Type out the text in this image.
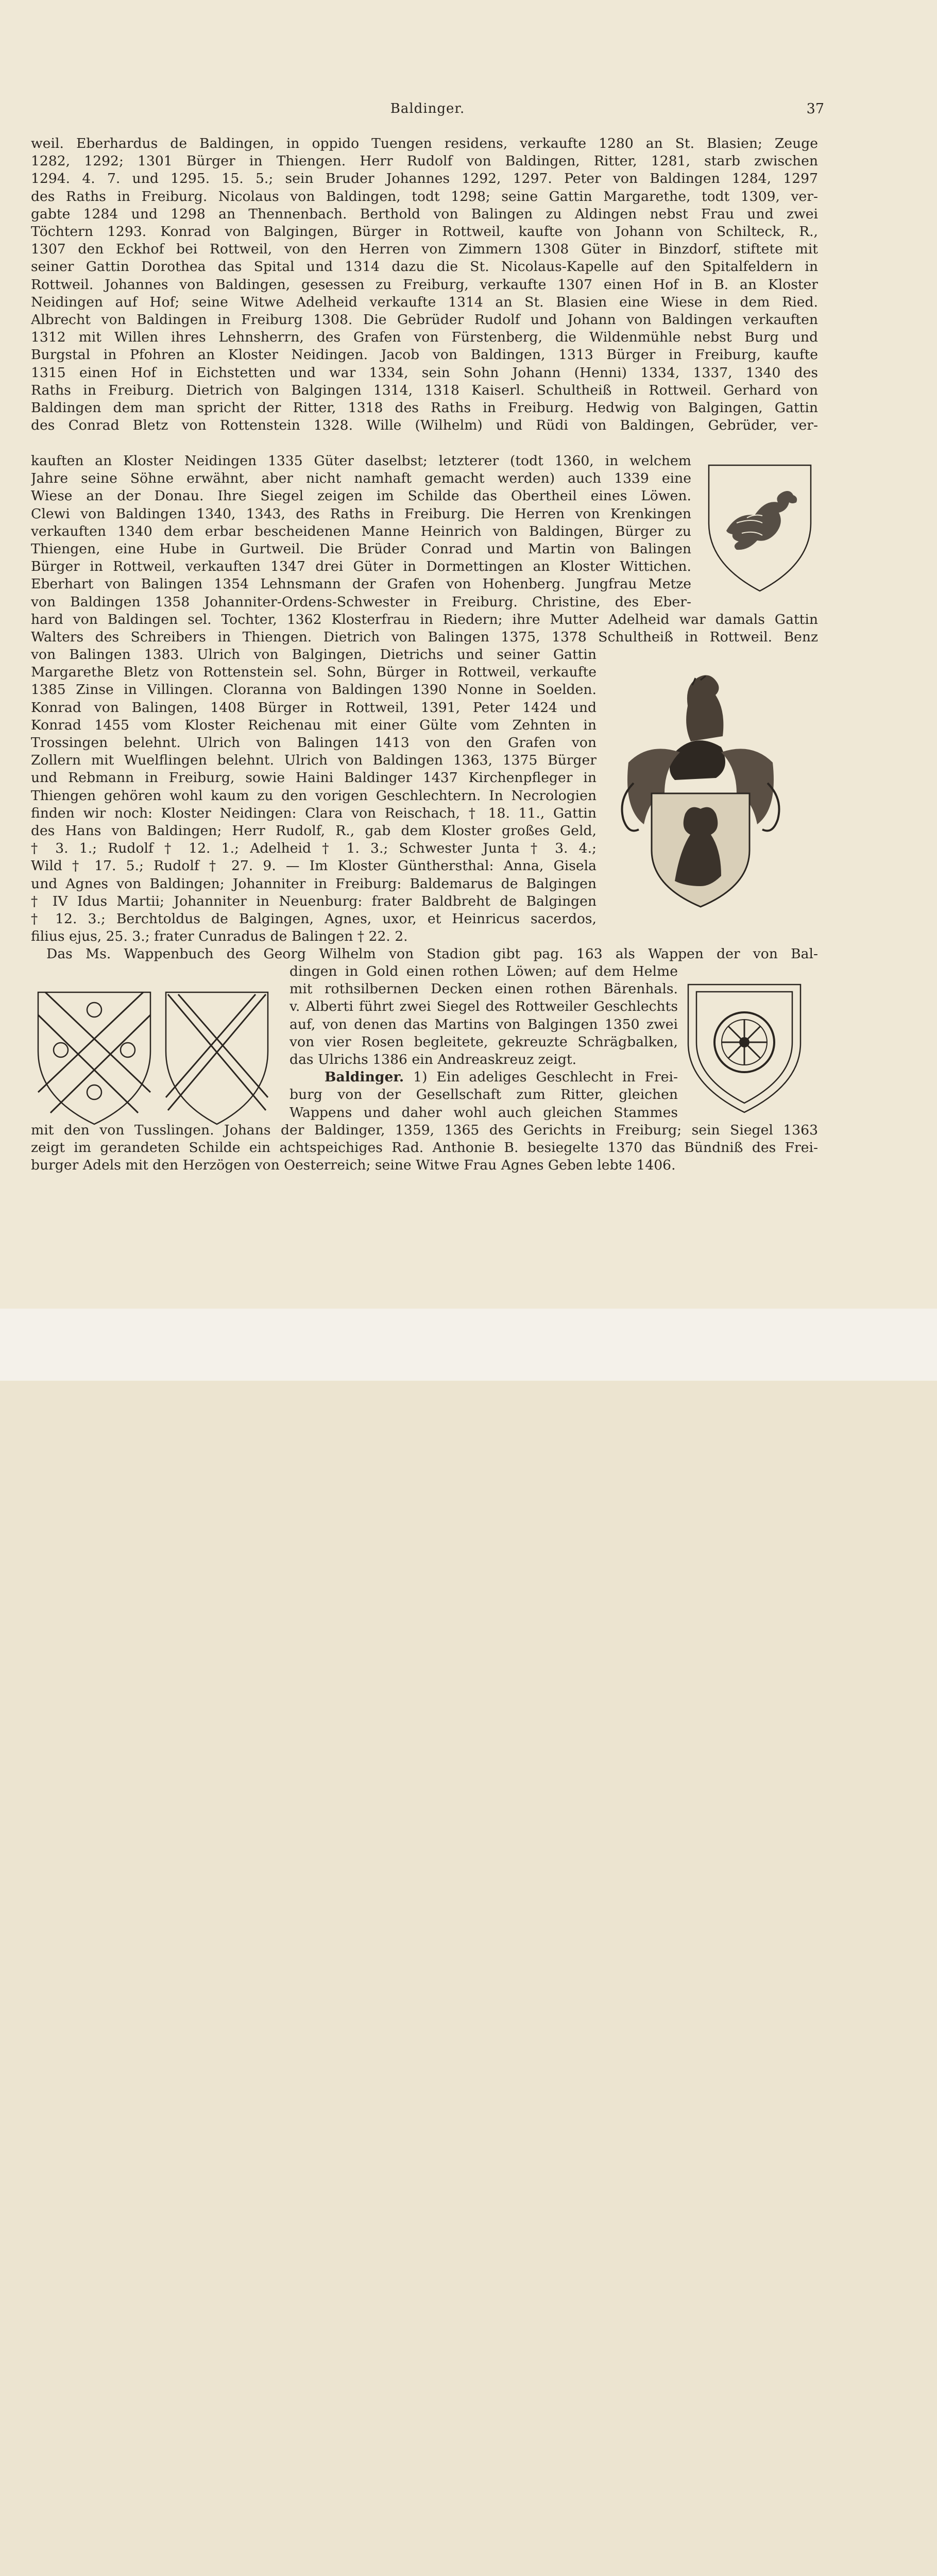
Baldinger.	37
weil. Eberhardus de Baldingen, in oppido Tuengen residens, verkaufte 1280 an St. Blasien; Zeuge
1282, 1292; 1301 Bürger in Thiengen. Herr Rudolf von Baldingen, Ritter, 1281, starb zwischen
1294. 4. 7. und 1295. 15. 5.; sein Bruder Johannes 1292, 1297. Peter von Baldingen 1284, 1297
des Raths in Freiburg. Nicolaus von Baldingen, todt 1298; seine Gattin Margarethe, todt 1309, ver-
gabte 1284 und 1298 an Thennenbach. Berthold von Balingen zu Aldingen nebst Frau und zwei
Töchtern 1293. Konrad von Balgingen, Bürger in Rottweil, kaufte von Johann von Schilteck, R.,
1307 den Eckhof bei Rottweil, von den Herren von Zimmern 1308 Güter in Binzdorf, stiftete mit
seiner Gattin Dorothea das Spital und 1314 dazu die St. Nicolaus-Kapelle auf den Spitalfeldern in
Rottweil. Johannes von Baldingen, gesessen zu Freiburg, verkaufte 1307 einen Hof in B. an Kloster
Neidingen auf Hof; seine Witwe Adelheid verkaufte 1314 an St. Blasien eine Wiese in dem Ried.
Albrecht von Baldingen in Freiburg 1308. Die Gebrüder Rudolf und Johann von Baldingen verkauften
1312 mit Willen ihres Lehnsherrn, des Grafen von Fürstenberg, die Wildenmühle nebst Burg und
Burgstal in Pfohren an Kloster Neidingen. Jacob von Baldingen, 1313 Bürger in Freiburg, kaufte
1315 einen Hof in Eichstetten und war 1334, sein Sohn Johann (Henni) 1334, 1337, 1340 des
Raths in Freiburg. Dietrich von Balgingen 1314, 1318 Kaiserl. Schultheiß in Rottweil. Gerhard von
Baldingen dem man spricht der Ritter, 1318 des Raths in Freiburg. Hedwig von Balgingen, Gattin
des Conrad Bletz von Rottenstein 1328. Wille (Wilhelm) und Rüdi von Baldingen, Gebrüder, ver-
kauften an Kloster Neidingen 1335 Güter daselbst; letzterer (todt 1360, in welchem
Jahre seine Söhne erwähnt, aber nicht namhaft gemacht werden) auch 1339 eine
Wiese an der Donau. Ihre Siegel zeigen im Schilde das Obertheil eines Löwen.
Clewi von Baldingen 1340, 1343, des Raths in Freiburg. Die Herren von Krenkingen
verkauften 1340 dem erbar bescheidenen Manne Heinrich von Baldingen, Bürger zu
Thiengen, eine Hube in Gurtweil. Die Brüder Conrad und Martin von Balingen
Bürger in Rottweil, verkauften 1347 drei Güter in Dormettingen an Kloster Wittichen.
Eberhart von Balingen 1354 Lehnsmann der Grafen von Hohenberg. Jungfrau Metze
von Baldingen 1358 Johanniter-Ordens-Schwester in Freiburg. Christine, des Eber-
hard von Baldingen sel. Tochter, 1362 Klosterfrau in Riedern; ihre Mutter Adelheid war damals Gattin
Walters des Schreibers in Thiengen. Dietrich von Balingen 1375, 1378 Schultheiß in Rottweil. Benz
von Balingen 1383. Ulrich von Balgingen, Dietrichs und seiner Gattin
Margarethe Bletz von Rottenstein sel. Sohn, Bürger in Rottweil, verkaufte
1385 Zinse in Villingen. Cloranna von Baldingen 1390 Nonne in Soelden.
Konrad von Balingen, 1408 Bürger in Rottweil, 1391, Peter 1424 und
Konrad 1455 vom Kloster Reichenau mit einer Gülte vom Zehnten in
Trossingen belehnt. Ulrich von Balingen 1413 von den Grafen von
Zollern mit Wuelflingen belehnt. Ulrich von Baldingen 1363, 1375 Bürger
und Rebmann in Freiburg, sowie Haini Baldinger 1437 Kirchenpfleger in
Thiengen gehören wohl kaum zu den vorigen Geschlechtern. In Necrologien
finden wir noch: Kloster Neidingen: Clara von Reischach, † 18. 11., Gattin
des Hans von Baldingen; Herr Rudolf, R., gab dem Kloster großes Geld,
† 3. 1.; Rudolf † 12. 1.; Adelheid † 1. 3.; Schwester Junta † 3. 4.;
Wild † 17. 5.; Rudolf † 27. 9. — Im Kloster Günthersthal: Anna, Gisela
und Agnes von Baldingen; Johanniter in Freiburg: Baldemarus de Balgingen
† IV Idus Martii; Johanniter in Neuenburg: frater Baldbreht de Balgingen
† 12. 3.; Berchtoldus de Balgingen, Agnes, uxor, et Heinricus sacerdos,
filius ejus, 25. 3.; frater Cunradus de Balingen † 22. 2.
Das Ms. Wappenbuch des Georg Wilhelm von Stadion gibt pag. 163 als Wappen der von Bal-
dingen in Gold einen rothen Löwen; auf dem Helme
mit rothsilbernen Decken einen rothen Bärenhals.
v. Alberti führt zwei Siegel des Rottweiler Geschlechts
auf, von denen das Martins von Balgingen 1350 zwei
von vier Rosen begleitete, gekreuzte Schrägbalken,
das Ulrichs 1386 ein Andreaskreuz zeigt.
Baldinger. 1) Ein adeliges Geschlecht in Frei-
burg von der Gesellschaft zum Ritter, gleichen
Wappens und daher wohl auch gleichen Stammes
mit den von Tusslingen. Johans der Baldinger, 1359, 1365 des Gerichts in Freiburg; sein Siegel 1363
zeigt im gerandeten Schilde ein achtspeichiges Rad. Anthonie B. besiegelte 1370 das Bündniß des Frei-
burger Adels mit den Herzögen von Oesterreich; seine Witwe Frau Agnes Geben lebte 1406.
